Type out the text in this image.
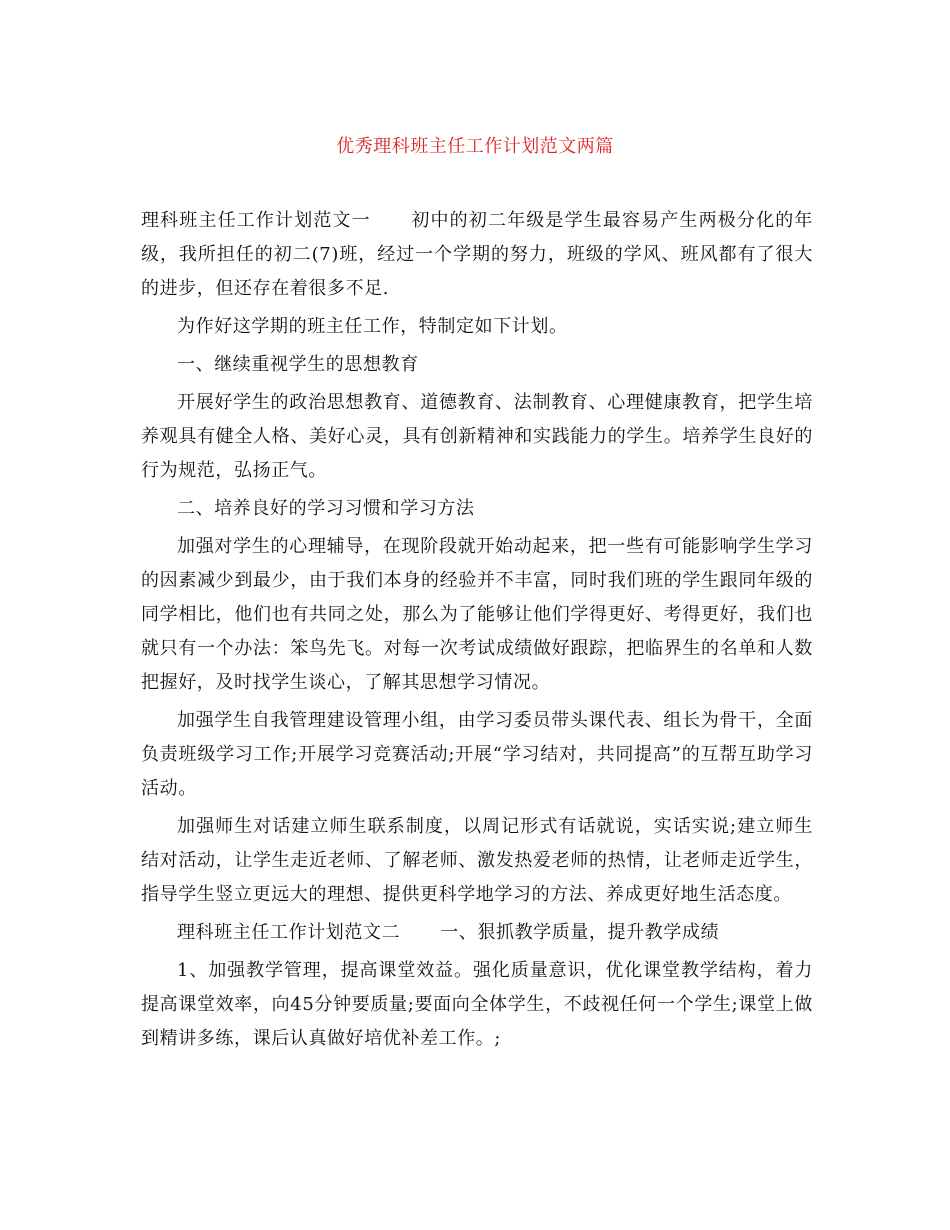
优秀理科班主任工作计划范文两篇

理科班主任工作计划范文一 初中的初二年级是学生最容易产生两极分化的年级，我所担任的初二(7)班，经过一个学期的努力，班级的学风、班风都有了很大的进步，但还存在着很多不足.

为作好这学期的班主任工作，特制定如下计划。

一、继续重视学生的思想教育

开展好学生的政治思想教育、道德教育、法制教育、心理健康教育，把学生培养观具有健全人格、美好心灵，具有创新精神和实践能力的学生。培养学生良好的行为规范，弘扬正气。

二、培养良好的学习习惯和学习方法

加强对学生的心理辅导，在现阶段就开始动起来，把一些有可能影响学生学习的因素减少到最少，由于我们本身的经验并不丰富，同时我们班的学生跟同年级的同学相比，他们也有共同之处，那么为了能够让他们学得更好、考得更好，我们也就只有一个办法：笨鸟先飞。对每一次考试成绩做好跟踪，把临界生的名单和人数把握好，及时找学生谈心，了解其思想学习情况。

加强学生自我管理建设管理小组，由学习委员带头课代表、组长为骨干，全面负责班级学习工作;开展学习竞赛活动;开展“学习结对，共同提高”的互帮互助学习活动。

加强师生对话建立师生联系制度，以周记形式有话就说，实话实说;建立师生结对活动，让学生走近老师、了解老师、激发热爱老师的热情，让老师走近学生，指导学生竖立更远大的理想、提供更科学地学习的方法、养成更好地生活态度。

理科班主任工作计划范文二 一、狠抓教学质量，提升教学成绩

1、加强教学管理，提高课堂效益。强化质量意识，优化课堂教学结构，着力提高课堂效率，向45分钟要质量;要面向全体学生，不歧视任何一个学生;课堂上做到精讲多练，课后认真做好培优补差工作。;
